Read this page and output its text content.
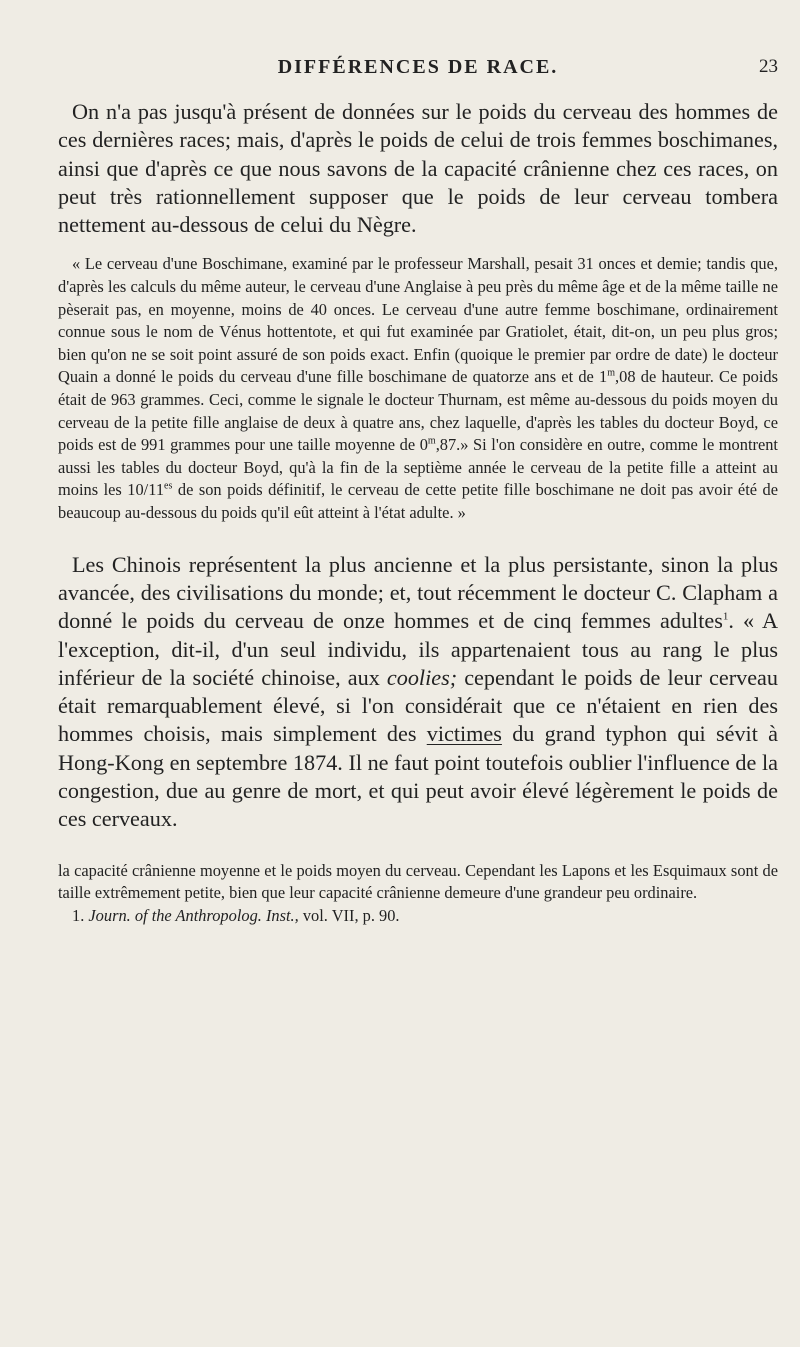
DIFFÉRENCES DE RACE.	23

On n'a pas jusqu'à présent de données sur le poids du cerveau des hommes de ces dernières races; mais, d'après le poids de celui de trois femmes boschimanes, ainsi que d'après ce que nous savons de la capacité crânienne chez ces races, on peut très rationnellement supposer que le poids de leur cerveau tombera nettement au-dessous de celui du Nègre.

« Le cerveau d'une Boschimane, examiné par le professeur Marshall, pesait 31 onces et demie; tandis que, d'après les calculs du même auteur, le cerveau d'une Anglaise à peu près du même âge et de la même taille ne pèserait pas, en moyenne, moins de 40 onces. Le cerveau d'une autre femme boschimane, ordinairement connue sous le nom de Vénus hottentote, et qui fut examinée par Gratiolet, était, dit-on, un peu plus gros; bien qu'on ne se soit point assuré de son poids exact. Enfin (quoique le premier par ordre de date) le docteur Quain a donné le poids du cerveau d'une fille boschimane de quatorze ans et de 1$^m$,08 de hauteur. Ce poids était de 963 grammes. Ceci, comme le signale le docteur Thurnam, est même au-dessous du poids moyen du cerveau de la petite fille anglaise de deux à quatre ans, chez laquelle, d'après les tables du docteur Boyd, ce poids est de 991 grammes pour une taille moyenne de 0$^m$,87.» Si l'on considère en outre, comme le montrent aussi les tables du docteur Boyd, qu'à la fin de la septième année le cerveau de la petite fille a atteint au moins les $10/11^{es}$ de son poids définitif, le cerveau de cette petite fille boschimane ne doit pas avoir été de beaucoup au-dessous du poids qu'il eût atteint à l'état adulte. »

Les Chinois représentent la plus ancienne et la plus persistante, sinon la plus avancée, des civilisations du monde; et, tout récemment le docteur C. Clapham a donné le poids du cerveau de onze hommes et de cinq femmes adultes$^1$. « A l'exception, dit-il, d'un seul individu, ils appartenaient tous au rang le plus inférieur de la société chinoise, aux coolies; cependant le poids de leur cerveau était remarquablement élevé, si l'on considérait que ce n'étaient en rien des hommes choisis, mais simplement des victimes du grand typhon qui sévit à Hong-Kong en septembre 1874. Il ne faut point toutefois oublier l'influence de la congestion, due au genre de mort, et qui peut avoir élevé légèrement le poids de ces cerveaux.

la capacité crânienne moyenne et le poids moyen du cerveau. Cependant les Lapons et les Esquimaux sont de taille extrêmement petite, bien que leur capacité crânienne demeure d'une grandeur peu ordinaire.
1. Journ. of the Anthropolog. Inst., vol. VII, p. 90.
